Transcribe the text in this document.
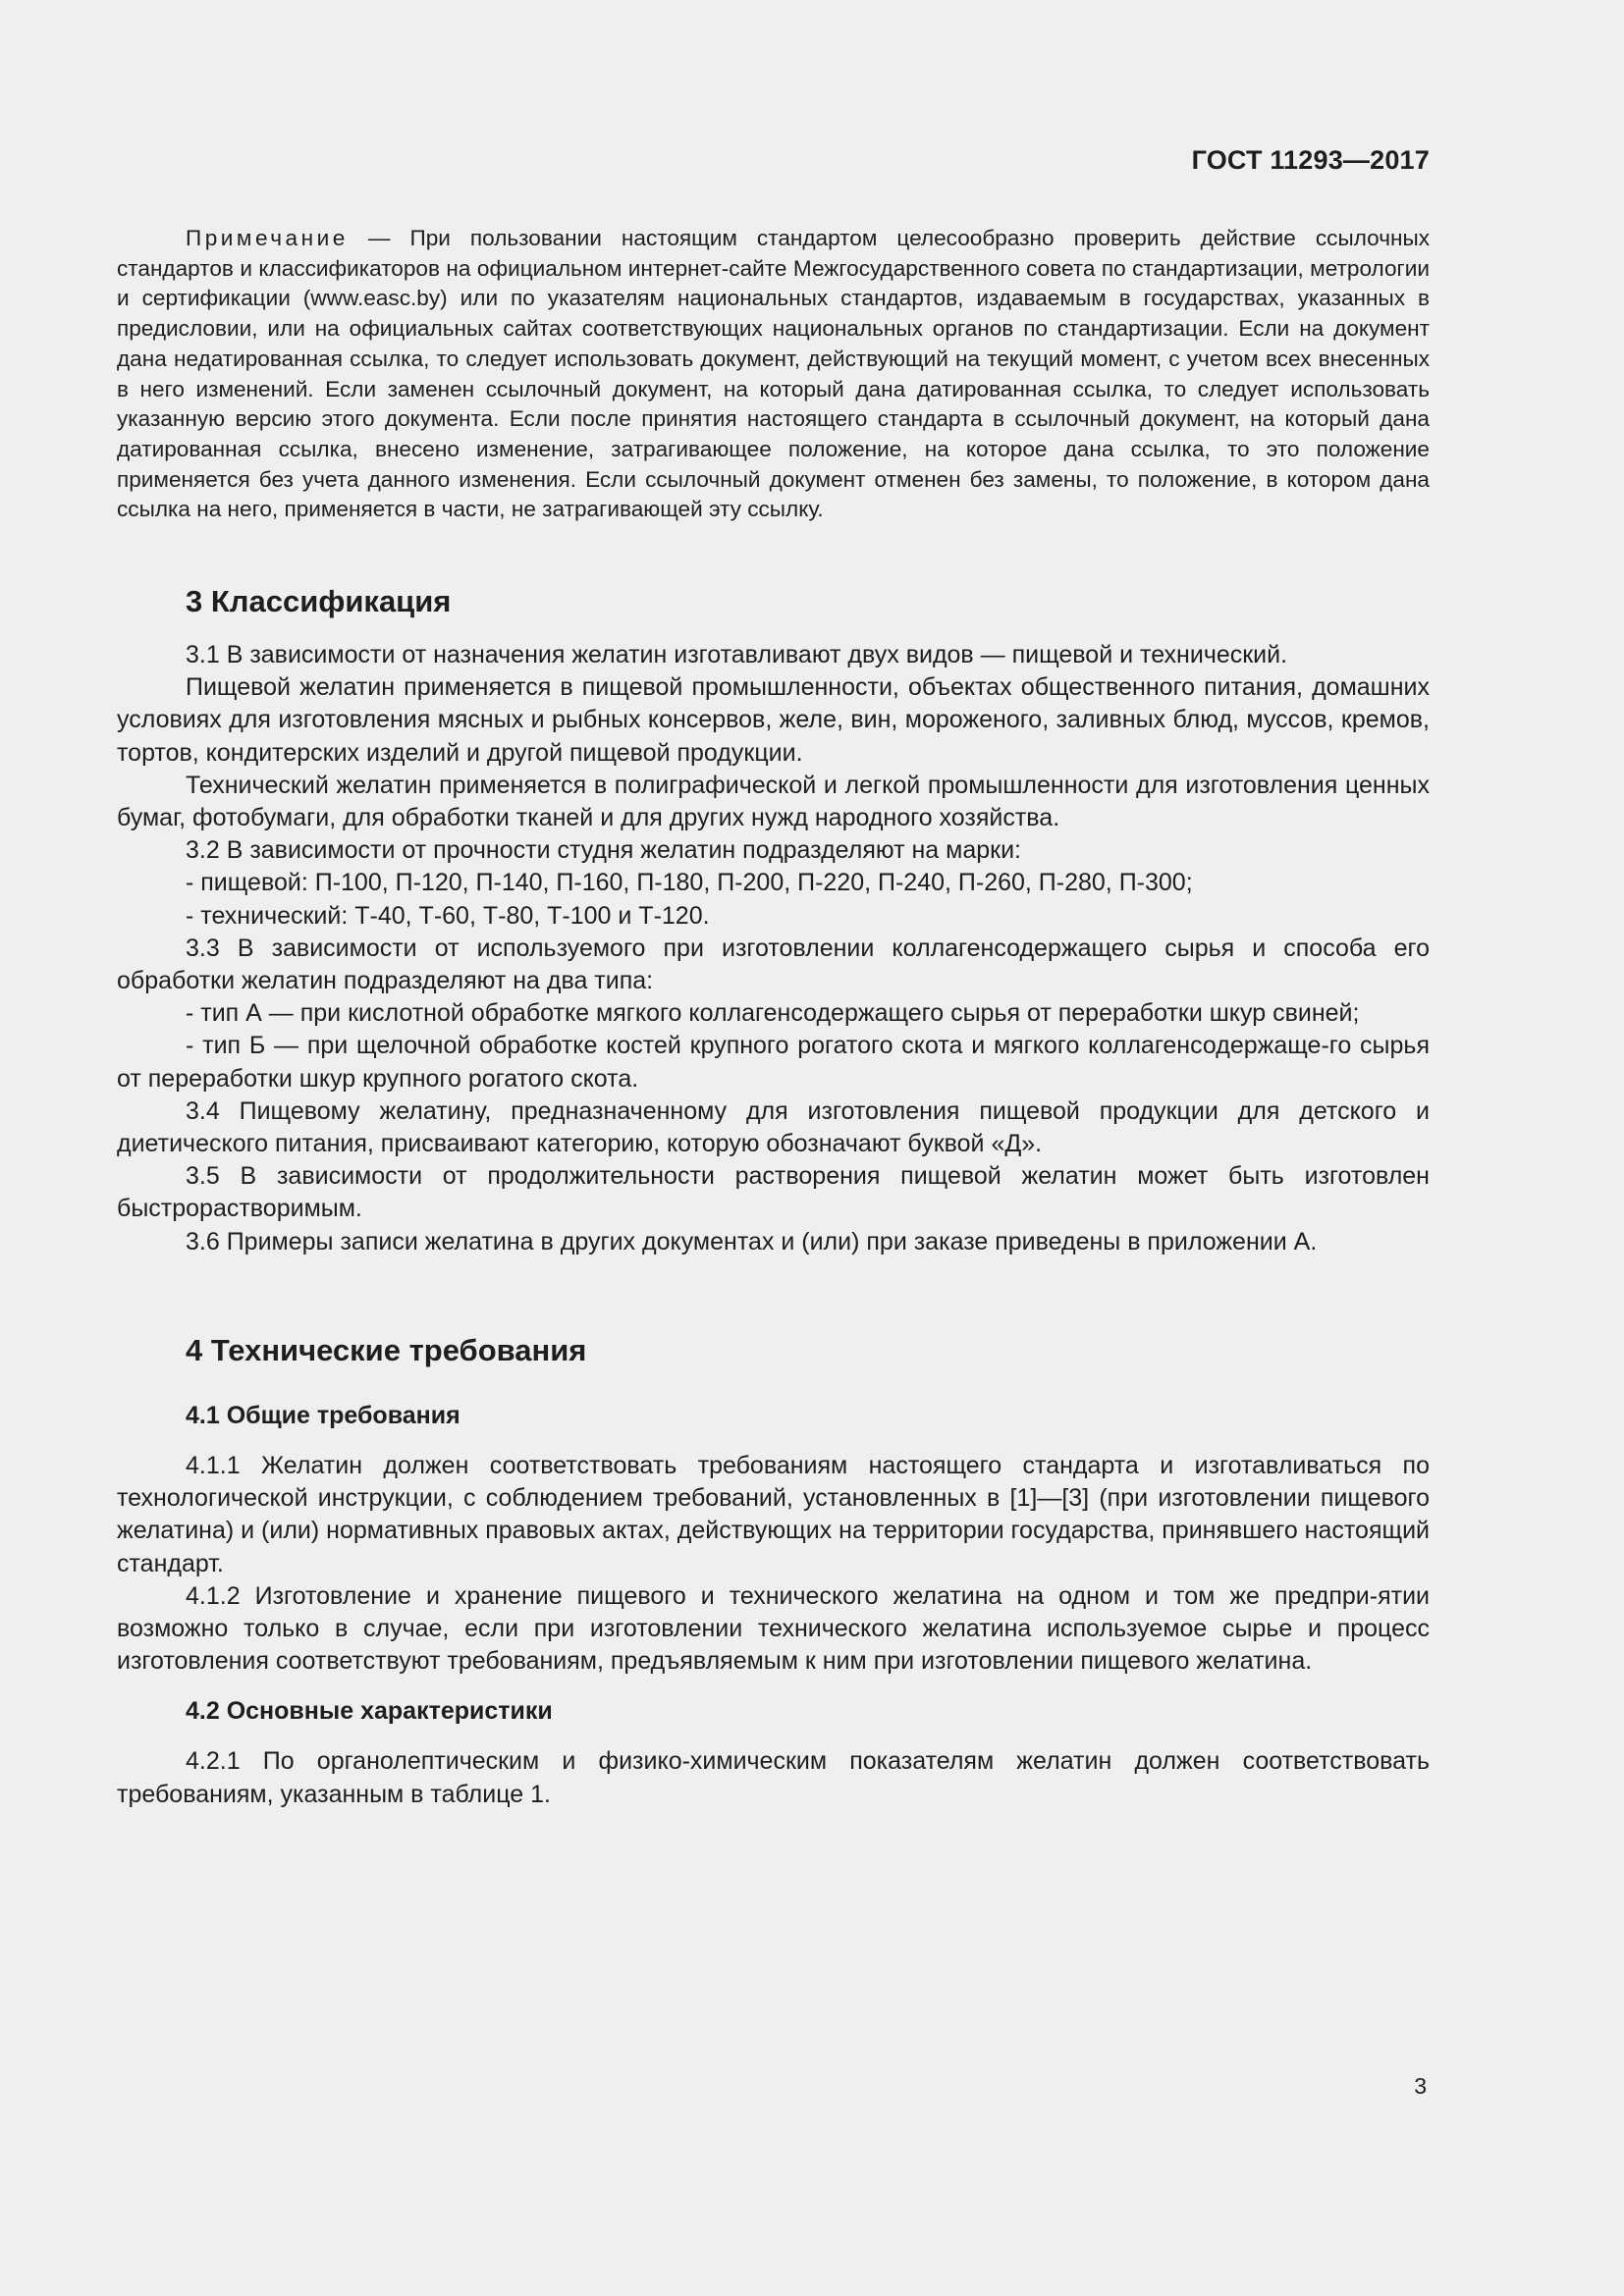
ГОСТ 11293—2017

Примечание — При пользовании настоящим стандартом целесообразно проверить действие ссылочных стандартов и классификаторов на официальном интернет-сайте Межгосударственного совета по стандартизации, метрологии и сертификации (www.easc.by) или по указателям национальных стандартов, издаваемым в государствах, указанных в предисловии, или на официальных сайтах соответствующих национальных органов по стандартизации. Если на документ дана недатированная ссылка, то следует использовать документ, действующий на текущий момент, с учетом всех внесенных в него изменений. Если заменен ссылочный документ, на который дана датированная ссылка, то следует использовать указанную версию этого документа. Если после принятия настоящего стандарта в ссылочный документ, на который дана датированная ссылка, внесено изменение, затрагивающее положение, на которое дана ссылка, то это положение применяется без учета данного изменения. Если ссылочный документ отменен без замены, то положение, в котором дана ссылка на него, применяется в части, не затрагивающей эту ссылку.

3 Классификация

3.1 В зависимости от назначения желатин изготавливают двух видов — пищевой и технический.

Пищевой желатин применяется в пищевой промышленности, объектах общественного питания, домашних условиях для изготовления мясных и рыбных консервов, желе, вин, мороженого, заливных блюд, муссов, кремов, тортов, кондитерских изделий и другой пищевой продукции.

Технический желатин применяется в полиграфической и легкой промышленности для изготовления ценных бумаг, фотобумаги, для обработки тканей и для других нужд народного хозяйства.

3.2 В зависимости от прочности студня желатин подразделяют на марки:

- пищевой: П-100, П-120, П-140, П-160, П-180, П-200, П-220, П-240, П-260, П-280, П-300;

- технический: Т-40, Т-60, Т-80, Т-100 и Т-120.

3.3 В зависимости от используемого при изготовлении коллагенсодержащего сырья и способа его обработки желатин подразделяют на два типа:

- тип А — при кислотной обработке мягкого коллагенсодержащего сырья от переработки шкур свиней;

- тип Б — при щелочной обработке костей крупного рогатого скота и мягкого коллагенсодержаще-го сырья от переработки шкур крупного рогатого скота.

3.4 Пищевому желатину, предназначенному для изготовления пищевой продукции для детского и диетического питания, присваивают категорию, которую обозначают буквой «Д».

3.5 В зависимости от продолжительности растворения пищевой желатин может быть изготовлен быстрорастворимым.

3.6 Примеры записи желатина в других документах и (или) при заказе приведены в приложении А.

4 Технические требования
4.1 Общие требования

4.1.1 Желатин должен соответствовать требованиям настоящего стандарта и изготавливаться по технологической инструкции, с соблюдением требований, установленных в [1]—[3] (при изготовлении пищевого желатина) и (или) нормативных правовых актах, действующих на территории государства, принявшего настоящий стандарт.

4.1.2 Изготовление и хранение пищевого и технического желатина на одном и том же предпри-ятии возможно только в случае, если при изготовлении технического желатина используемое сырье и процесс изготовления соответствуют требованиям, предъявляемым к ним при изготовлении пищевого желатина.

4.2 Основные характеристики

4.2.1 По органолептическим и физико-химическим показателям желатин должен соответствовать требованиям, указанным в таблице 1.

3
